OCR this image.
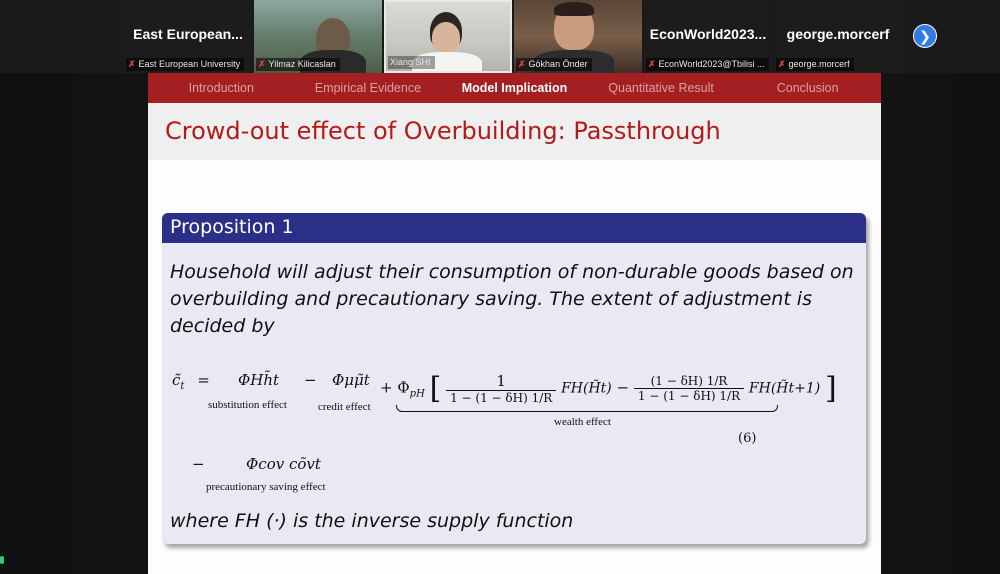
East European...
✗ East European University	✗ Yilmaz Kilicaslan	Xiang SHI	✗ Gökhan Önder
EconWorld2023...
✗ EconWorld2023@Tbilisi ...
george.morcerf
✗ george.morcerf
❯
Introduction	Empirical Evidence	Model Implication	Quantitative Result	Conclusion
Crowd-out effect of Overbuilding: Passthrough
Proposition 1
Household will adjust their consumption of non-durable goods based on overbuilding and precautionary saving. The extent of adjustment is decided by
$c̃_t$ = ΦHh̃t
substitution effect
− Φμμ̃t
credit effect
+ $\Phi_{pH}$ [ $\frac{1}{1 - (1 - \delta H) 1/R}$ FH(H̃t) − $\frac{(1 - \delta H) 1/R}{1 - (1 - \delta H) 1/R}$ FH(H̃t+1) ]
wealth effect
(6)
−	Φcov cõvt
precautionary saving effect
where FH (·) is the inverse supply function
